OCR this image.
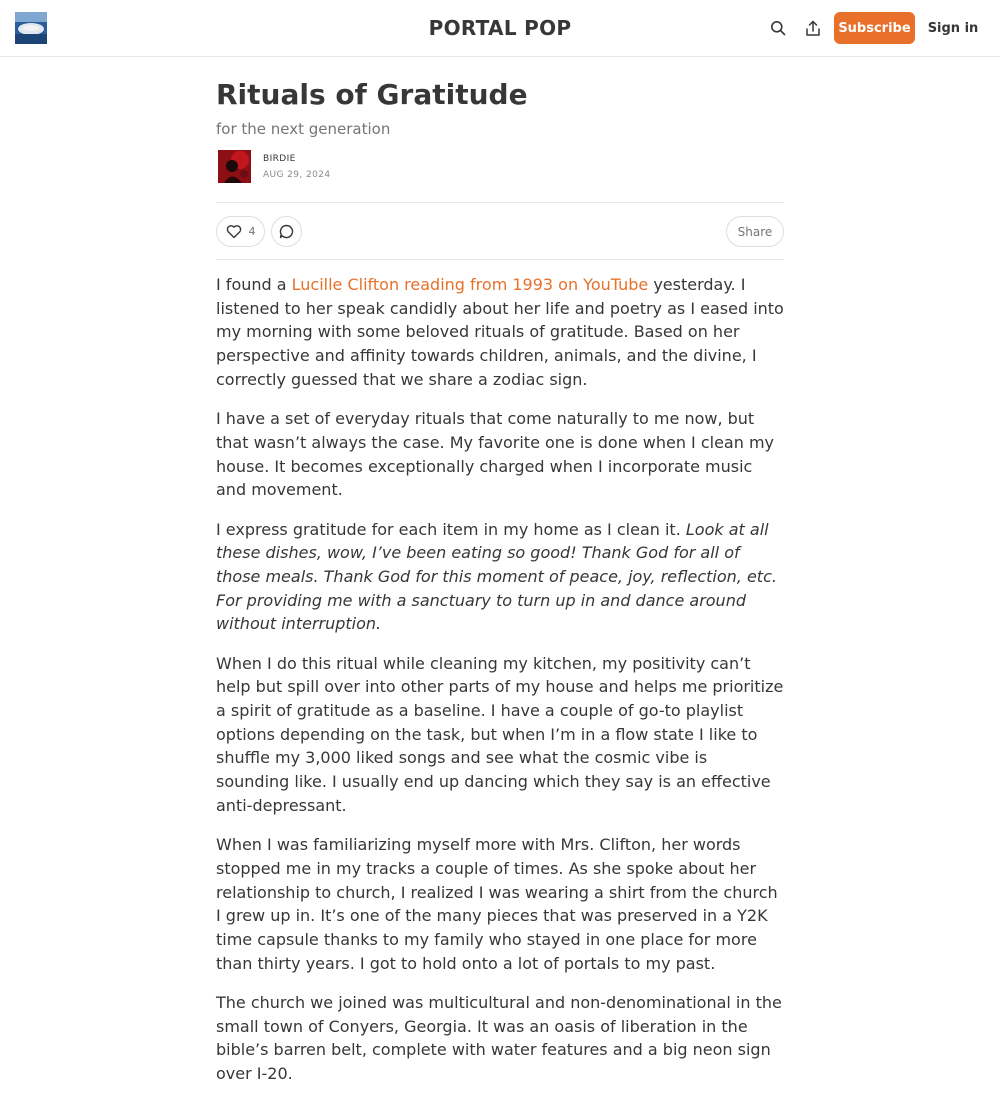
PORTAL POP	Subscribe	Sign in
Rituals of Gratitude
for the next generation
BIRDIE
AUG 29, 2024
4	Share

I found a Lucille Clifton reading from 1993 on YouTube yesterday. I listened to her speak candidly about her life and poetry as I eased into my morning with some beloved rituals of gratitude. Based on her perspective and affinity towards children, animals, and the divine, I correctly guessed that we share a zodiac sign.

I have a set of everyday rituals that come naturally to me now, but that wasn’t always the case. My favorite one is done when I clean my house. It becomes exceptionally charged when I incorporate music and movement.

I express gratitude for each item in my home as I clean it. Look at all these dishes, wow, I’ve been eating so good! Thank God for all of those meals. Thank God for this moment of peace, joy, reflection, etc. For providing me with a sanctuary to turn up in and dance around without interruption.

When I do this ritual while cleaning my kitchen, my positivity can’t help but spill over into other parts of my house and helps me prioritize a spirit of gratitude as a baseline. I have a couple of go-to playlist options depending on the task, but when I’m in a flow state I like to shuffle my 3,000 liked songs and see what the cosmic vibe is sounding like. I usually end up dancing which they say is an effective anti-depressant.

When I was familiarizing myself more with Mrs. Clifton, her words stopped me in my tracks a couple of times. As she spoke about her relationship to church, I realized I was wearing a shirt from the church I grew up in. It’s one of the many pieces that was preserved in a Y2K time capsule thanks to my family who stayed in one place for more than thirty years. I got to hold onto a lot of portals to my past.

The church we joined was multicultural and non-denominational in the small town of Conyers, Georgia. It was an oasis of liberation in the bible’s barren belt, complete with water features and a big neon sign over I-20.
